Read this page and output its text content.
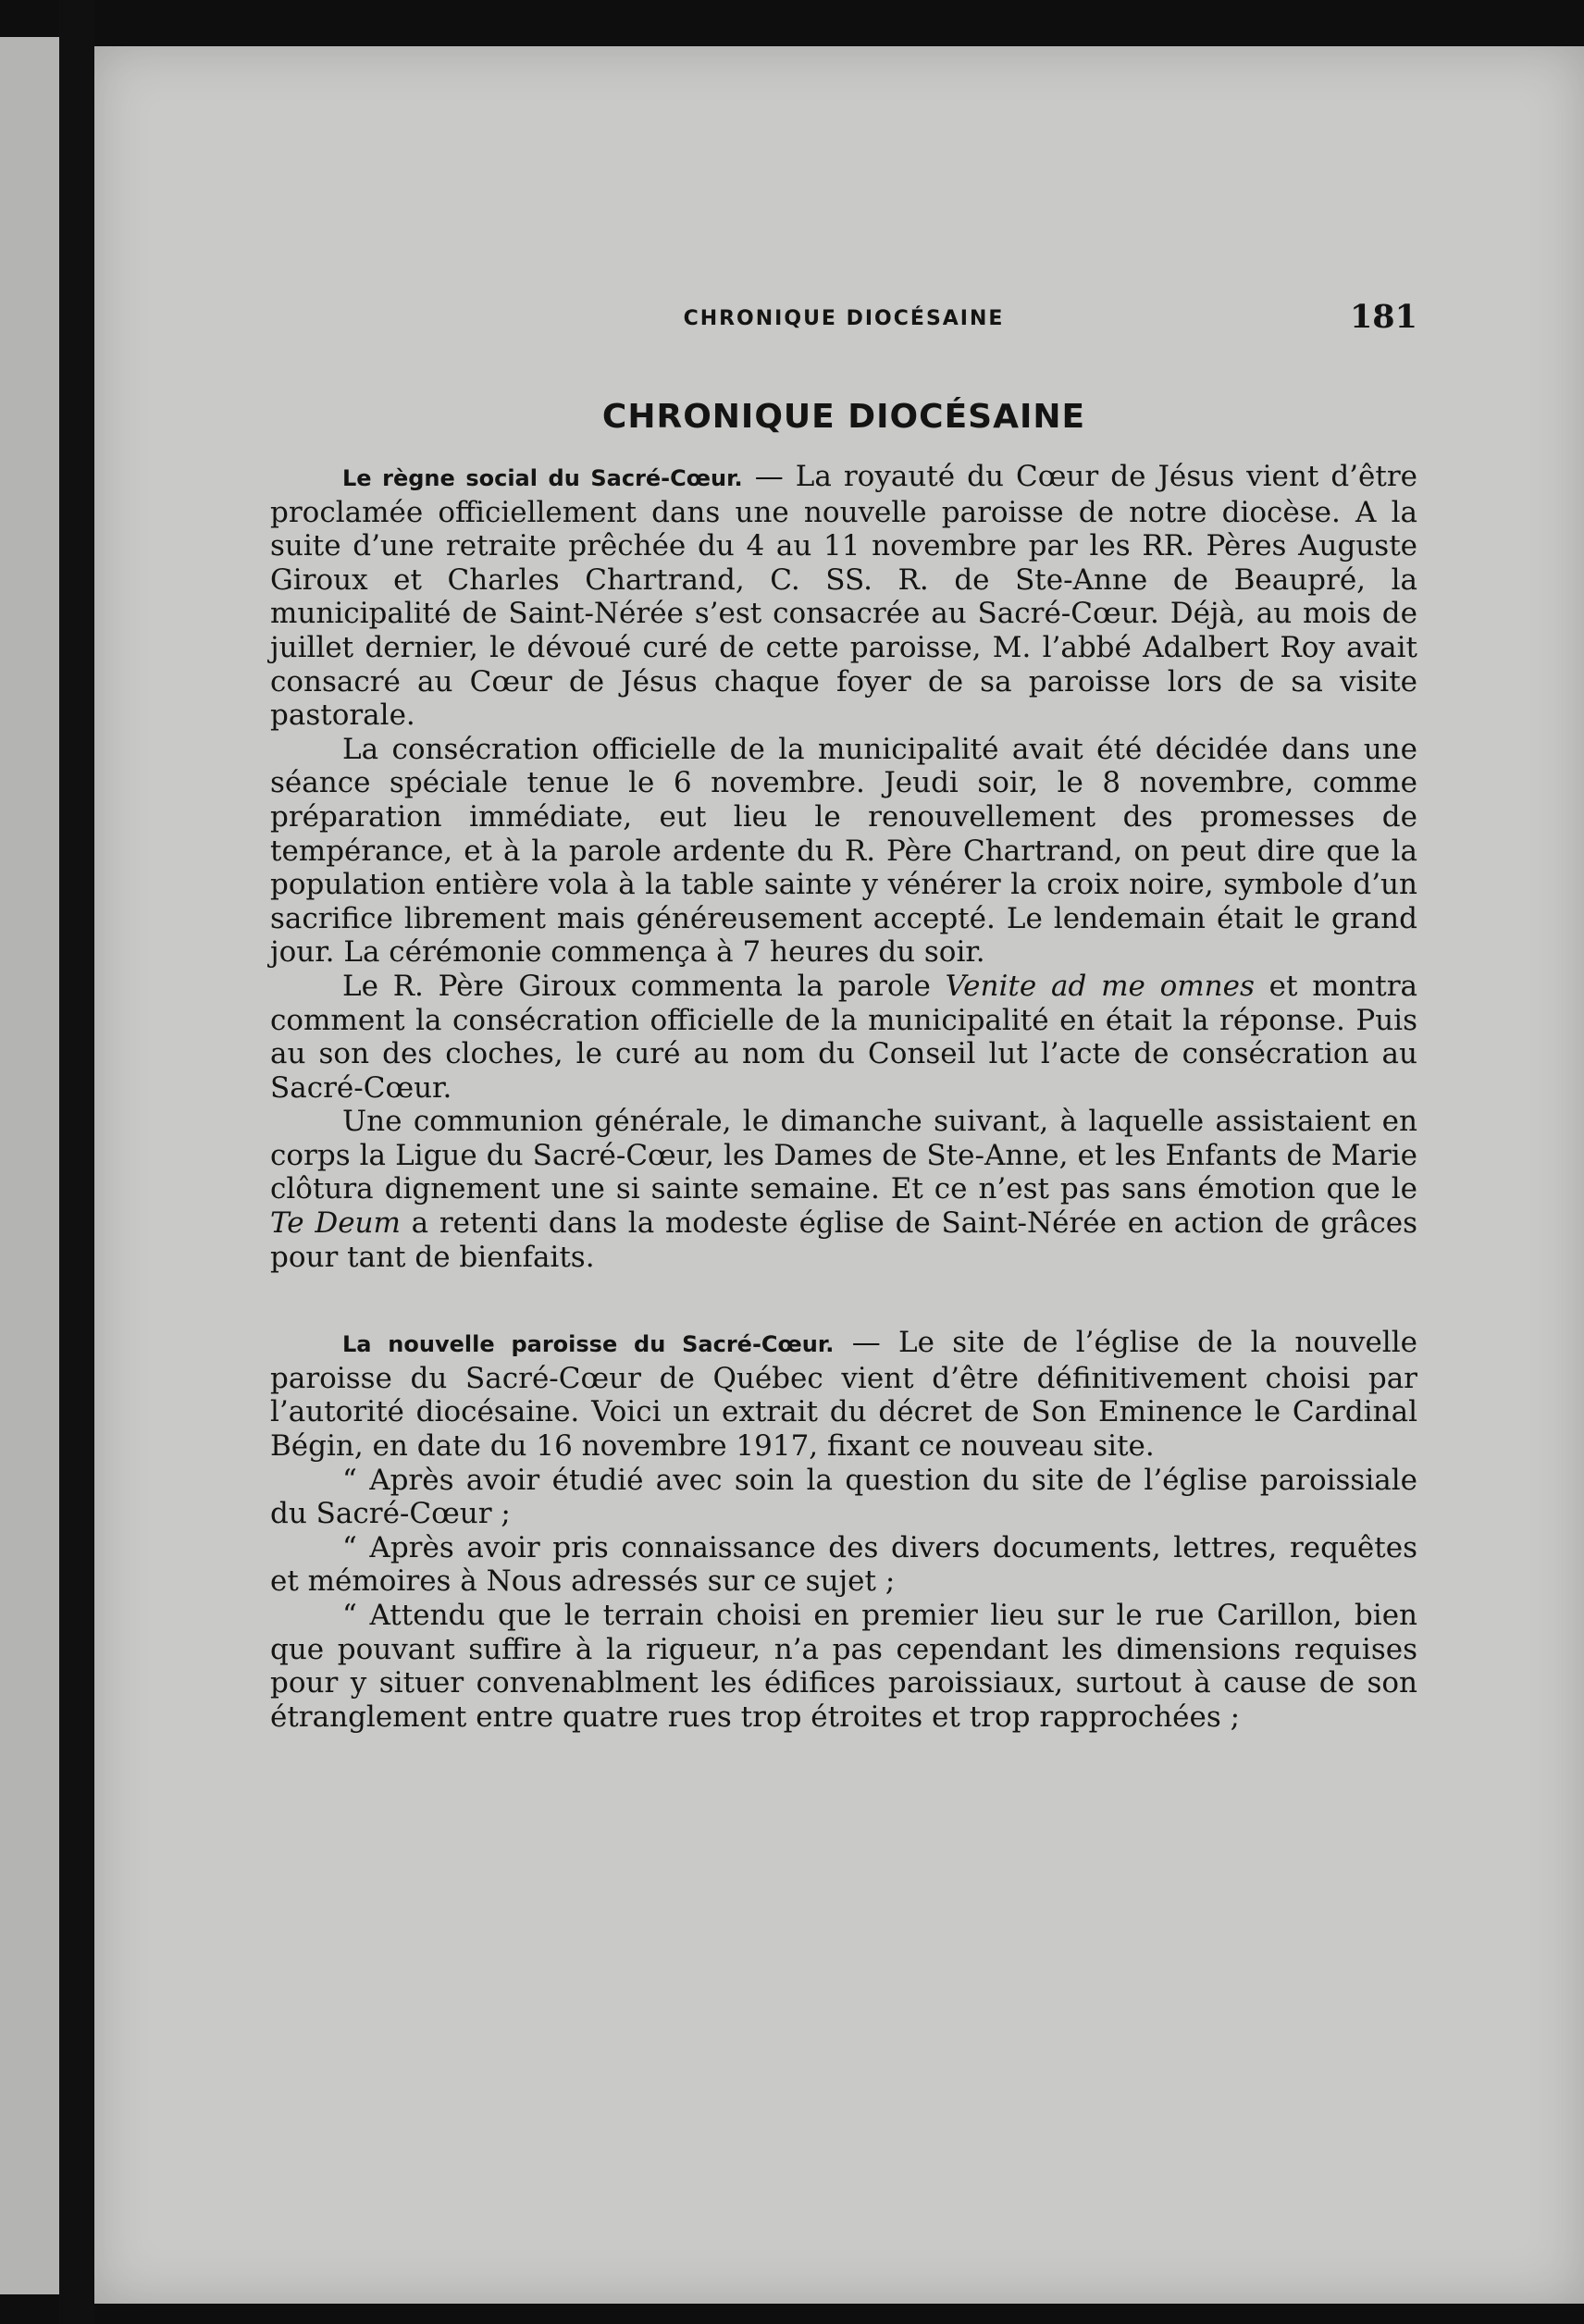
CHRONIQUE DIOCÉSAINE	181
CHRONIQUE DIOCÉSAINE

Le règne social du Sacré-Cœur. — La royauté du Cœur de Jésus vient d’être proclamée officiellement dans une nouvelle paroisse de notre diocèse. A la suite d’une retraite prêchée du 4 au 11 novembre par les RR. Pères Auguste Giroux et Charles Chartrand, C. SS. R. de Ste-Anne de Beaupré, la municipalité de Saint-Nérée s’est consacrée au Sacré-Cœur. Déjà, au mois de juillet dernier, le dévoué curé de cette paroisse, M. l’abbé Adalbert Roy avait consacré au Cœur de Jésus chaque foyer de sa paroisse lors de sa visite pastorale.

La consécration officielle de la municipalité avait été décidée dans une séance spéciale tenue le 6 novembre. Jeudi soir, le 8 novembre, comme préparation immédiate, eut lieu le renouvellement des promesses de tempérance, et à la parole ardente du R. Père Chartrand, on peut dire que la population entière vola à la table sainte y vénérer la croix noire, symbole d’un sacrifice librement mais généreusement accepté. Le lendemain était le grand jour. La cérémonie commença à 7 heures du soir.

Le R. Père Giroux commenta la parole Venite ad me omnes et montra comment la consécration officielle de la municipalité en était la réponse. Puis au son des cloches, le curé au nom du Conseil lut l’acte de consécration au Sacré-Cœur.

Une communion générale, le dimanche suivant, à laquelle assistaient en corps la Ligue du Sacré-Cœur, les Dames de Ste-Anne, et les Enfants de Marie clôtura dignement une si sainte semaine. Et ce n’est pas sans émotion que le Te Deum a retenti dans la modeste église de Saint-Nérée en action de grâces pour tant de bienfaits.

La nouvelle paroisse du Sacré-Cœur. — Le site de l’église de la nouvelle paroisse du Sacré-Cœur de Québec vient d’être définitivement choisi par l’autorité diocésaine. Voici un extrait du décret de Son Eminence le Cardinal Bégin, en date du 16 novembre 1917, fixant ce nouveau site.

“ Après avoir étudié avec soin la question du site de l’église paroissiale du Sacré-Cœur ;

“ Après avoir pris connaissance des divers documents, lettres, requêtes et mémoires à Nous adressés sur ce sujet ;

“ Attendu que le terrain choisi en premier lieu sur le rue Carillon, bien que pouvant suffire à la rigueur, n’a pas cependant les dimensions requises pour y situer convenablment les édifices paroissiaux, surtout à cause de son étranglement entre quatre rues trop étroites et trop rapprochées ;
